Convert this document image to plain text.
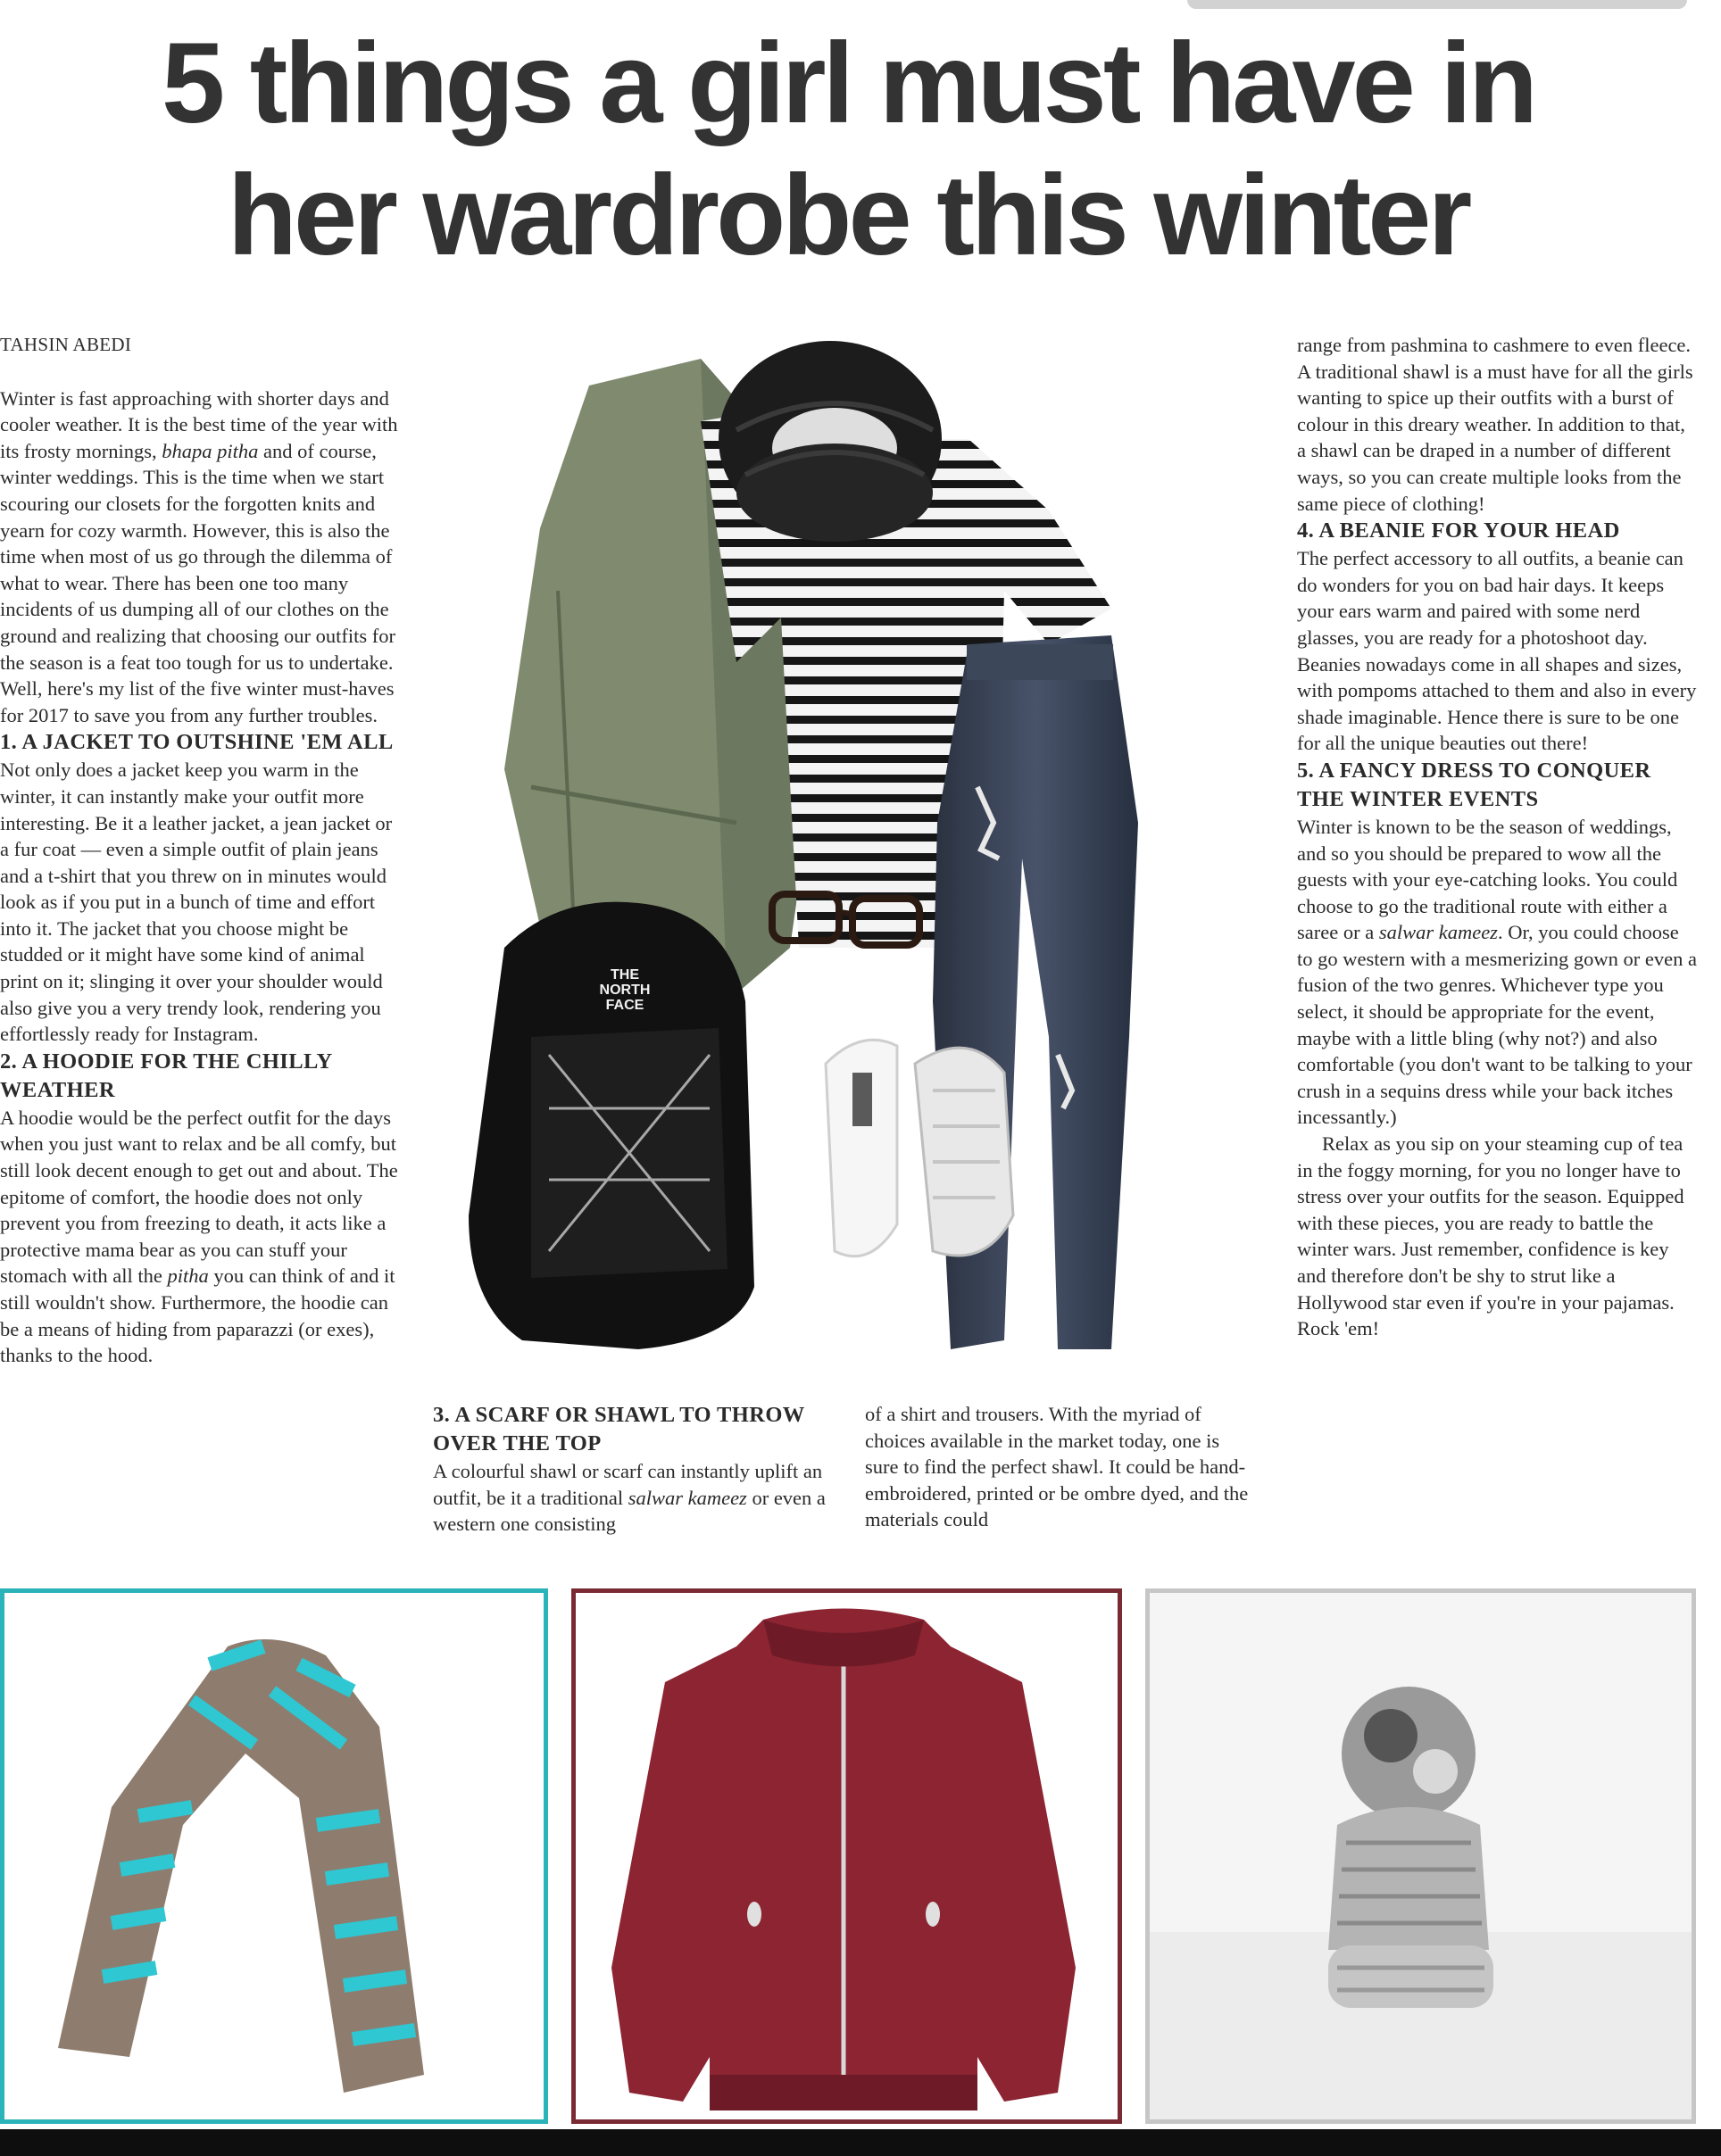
5 things a girl must have in
her wardrobe this winter

TAHSIN ABEDI

Winter is fast approaching with shorter days and cooler weather. It is the best time of the year with its frosty mornings, bhapa pitha and of course, winter weddings. This is the time when we start scouring our closets for the forgotten knits and yearn for cozy warmth. However, this is also the time when most of us go through the dilemma of what to wear. There has been one too many incidents of us dumping all of our clothes on the ground and realizing that choosing our outfits for the season is a feat too tough for us to undertake. Well, here's my list of the five winter must-haves for 2017 to save you from any further troubles.

1. A JACKET TO OUTSHINE 'EM ALL

Not only does a jacket keep you warm in the winter, it can instantly make your outfit more interesting. Be it a leather jacket, a jean jacket or a fur coat — even a simple outfit of plain jeans and a t-shirt that you threw on in minutes would look as if you put in a bunch of time and effort into it. The jacket that you choose might be studded or it might have some kind of animal print on it; slinging it over your shoulder would also give you a very trendy look, rendering you effortlessly ready for Instagram.

2. A HOODIE FOR THE CHILLY WEATHER

A hoodie would be the perfect outfit for the days when you just want to relax and be all comfy, but still look decent enough to get out and about. The epitome of comfort, the hoodie does not only prevent you from freezing to death, it acts like a protective mama bear as you can stuff your stomach with all the pitha you can think of and it still wouldn't show. Furthermore, the hoodie can be a means of hiding from paparazzi (or exes), thanks to the hood.

THE
NORTH
FACE
3. A SCARF OR SHAWL TO THROW OVER THE TOP

A colourful shawl or scarf can instantly uplift an outfit, be it a traditional salwar kameez or even a western one consisting

of a shirt and trousers. With the myriad of choices available in the market today, one is sure to find the perfect shawl. It could be hand-embroidered, printed or be ombre dyed, and the materials could

range from pashmina to cashmere to even fleece. A traditional shawl is a must have for all the girls wanting to spice up their outfits with a burst of colour in this dreary weather. In addition to that, a shawl can be draped in a number of different ways, so you can create multiple looks from the same piece of clothing!

4. A BEANIE FOR YOUR HEAD

The perfect accessory to all outfits, a beanie can do wonders for you on bad hair days. It keeps your ears warm and paired with some nerd glasses, you are ready for a photoshoot day. Beanies nowadays come in all shapes and sizes, with pompoms attached to them and also in every shade imaginable. Hence there is sure to be one for all the unique beauties out there!

5. A FANCY DRESS TO CONQUER THE WINTER EVENTS

Winter is known to be the season of weddings, and so you should be prepared to wow all the guests with your eye-catching looks. You could choose to go the traditional route with either a saree or a salwar kameez. Or, you could choose to go western with a mesmerizing gown or even a fusion of the two genres. Whichever type you select, it should be appropriate for the event, maybe with a little bling (why not?) and also comfortable (you don't want to be talking to your crush in a sequins dress while your back itches incessantly.)

Relax as you sip on your steaming cup of tea in the foggy morning, for you no longer have to stress over your outfits for the season. Equipped with these pieces, you are ready to battle the winter wars. Just remember, confidence is key and therefore don't be shy to strut like a Hollywood star even if you're in your pajamas. Rock 'em!
